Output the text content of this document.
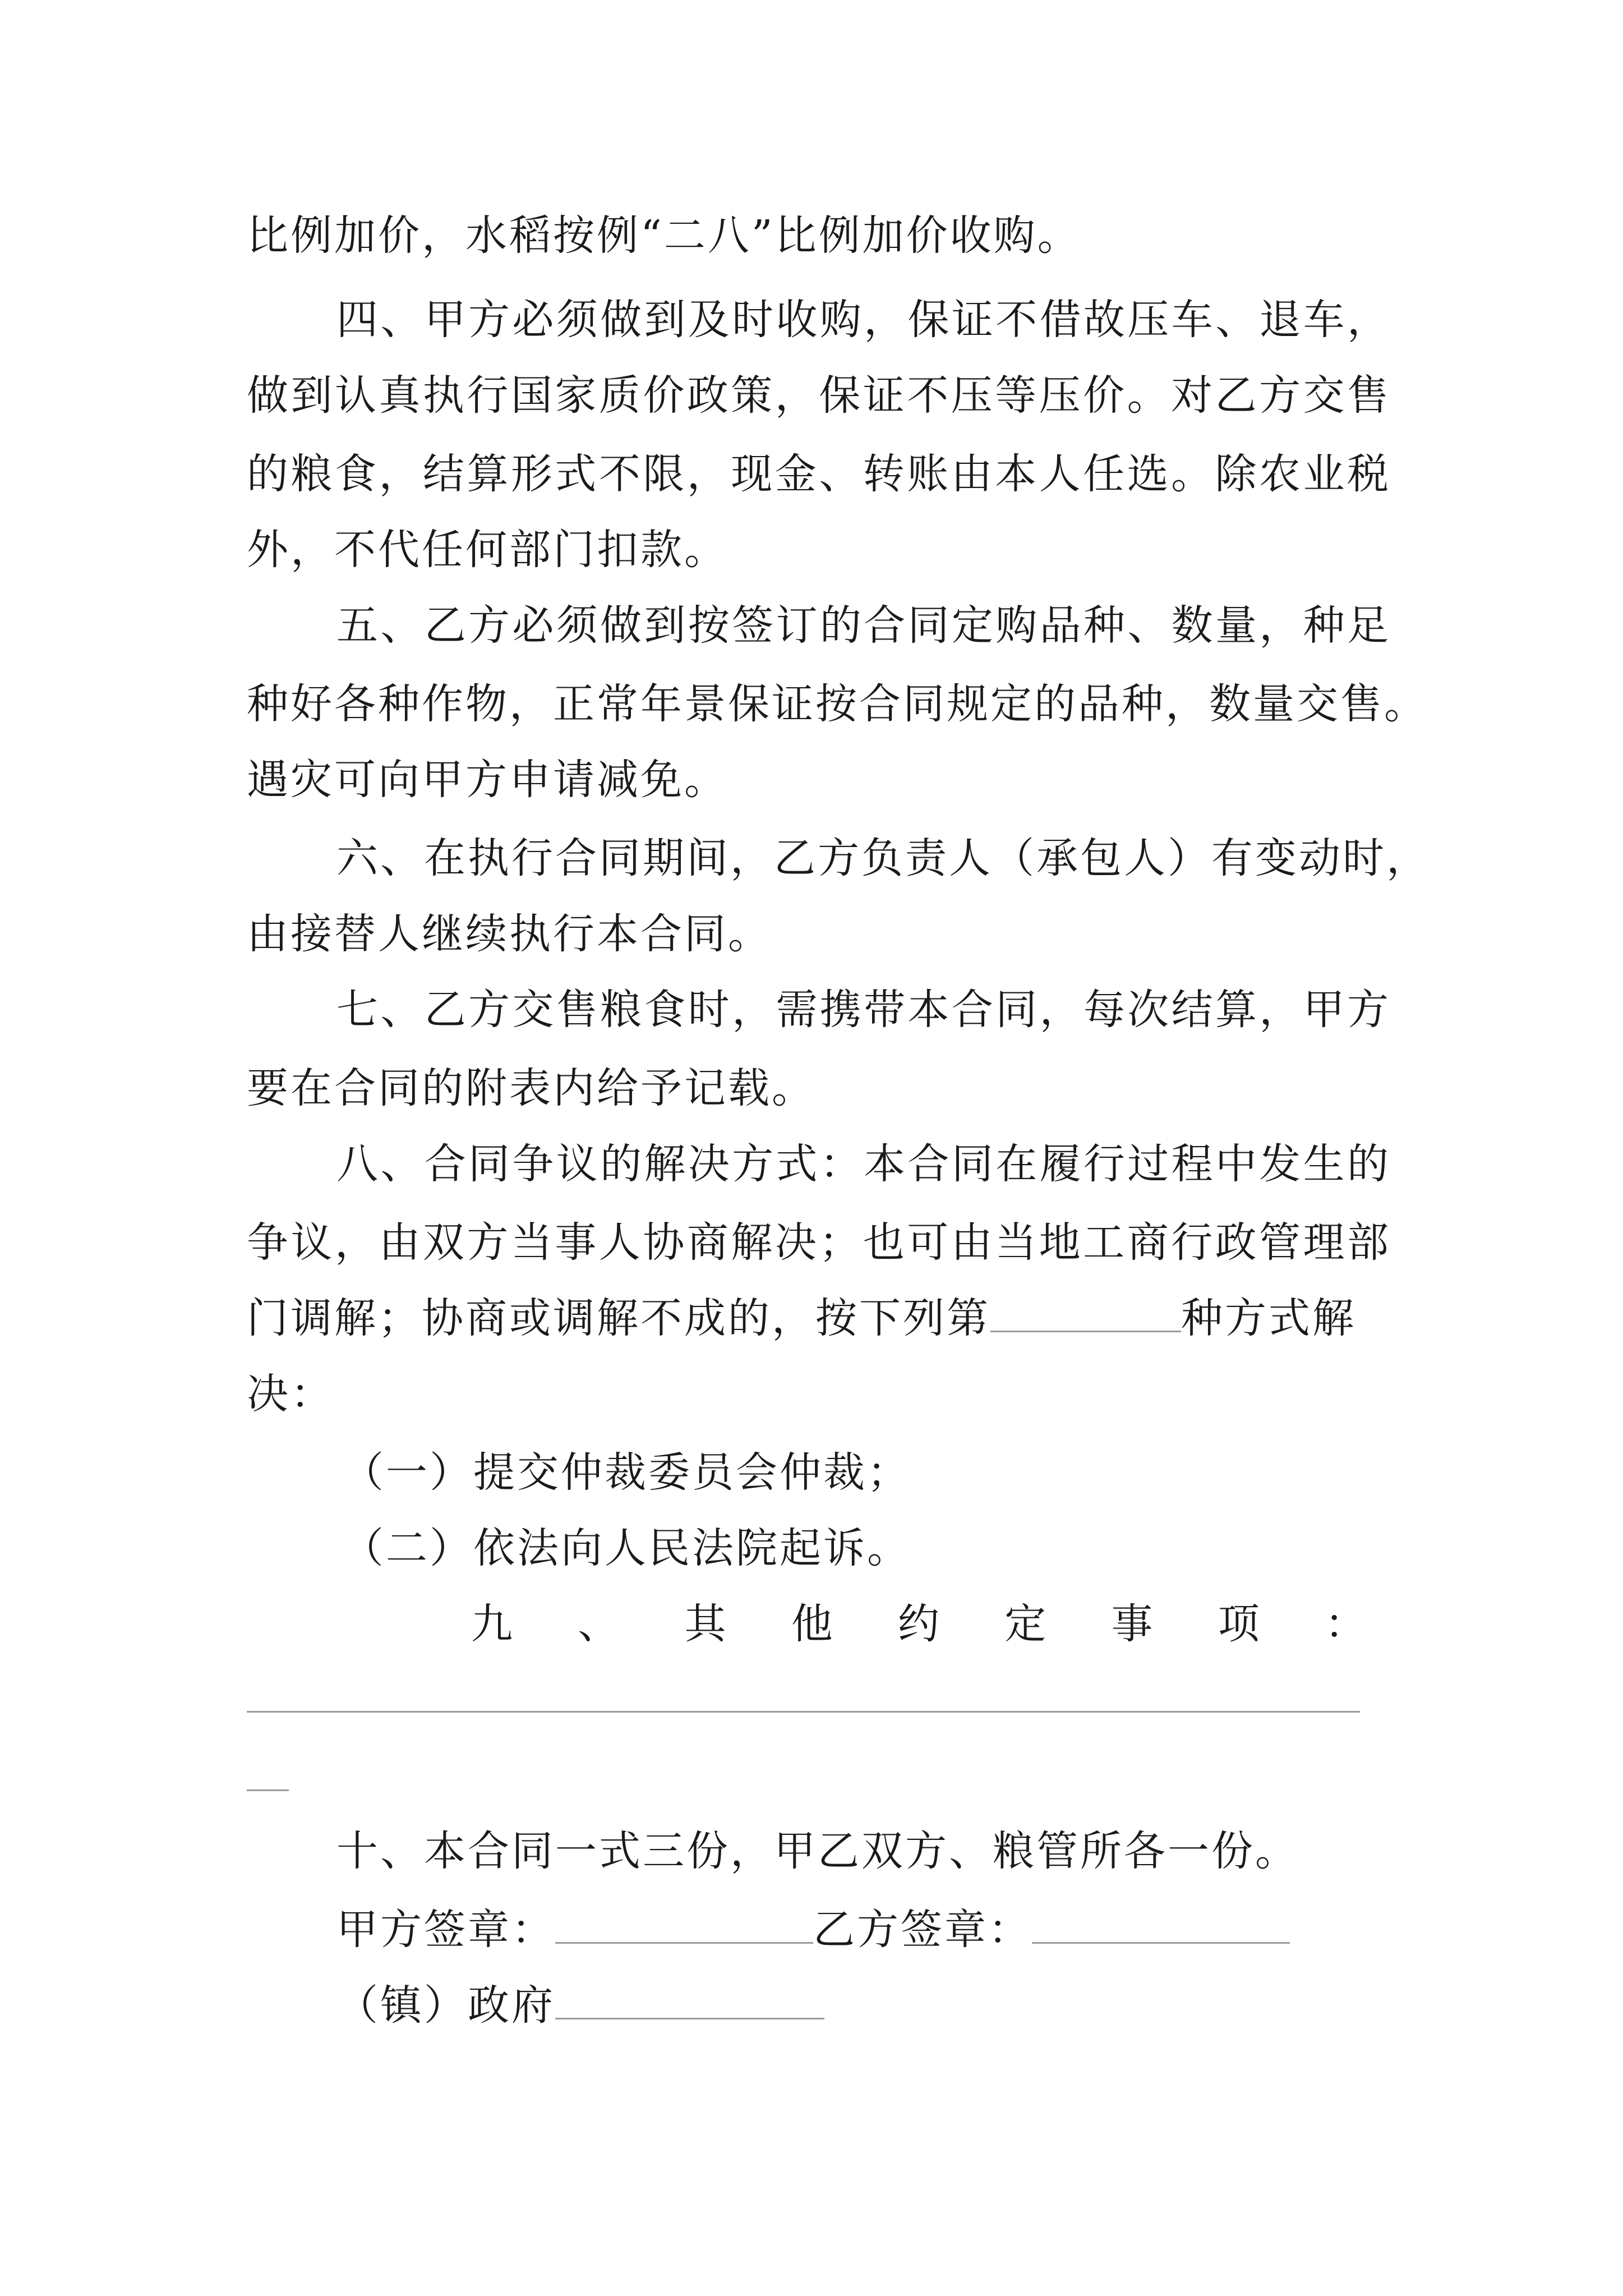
比例加价，水稻按例“二八”比例加价收购。
四、甲方必须做到及时收购，保证不借故压车、退车，
做到认真执行国家质价政策，保证不压等压价。对乙方交售
的粮食，结算形式不限，现金、转账由本人任选。除农业税
外，不代任何部门扣款。
五、乙方必须做到按签订的合同定购品种、数量，种足
种好各种作物，正常年景保证按合同规定的品种，数量交售。
遇灾可向甲方申请减免。
六、在执行合同期间，乙方负责人（承包人）有变动时，
由接替人继续执行本合同。
七、乙方交售粮食时，需携带本合同，每次结算，甲方
要在合同的附表内给予记载。
八、合同争议的解决方式：本合同在履行过程中发生的
争议，由双方当事人协商解决；也可由当地工商行政管理部
门调解；协商或调解不成的，按下列第	种方式解
决：
（一）提交仲裁委员会仲裁；
（二）依法向人民法院起诉。
九、其他约定事项：
十、本合同一式三份，甲乙双方、粮管所各一份。
甲方签章：	乙方签章：
（镇）政府
